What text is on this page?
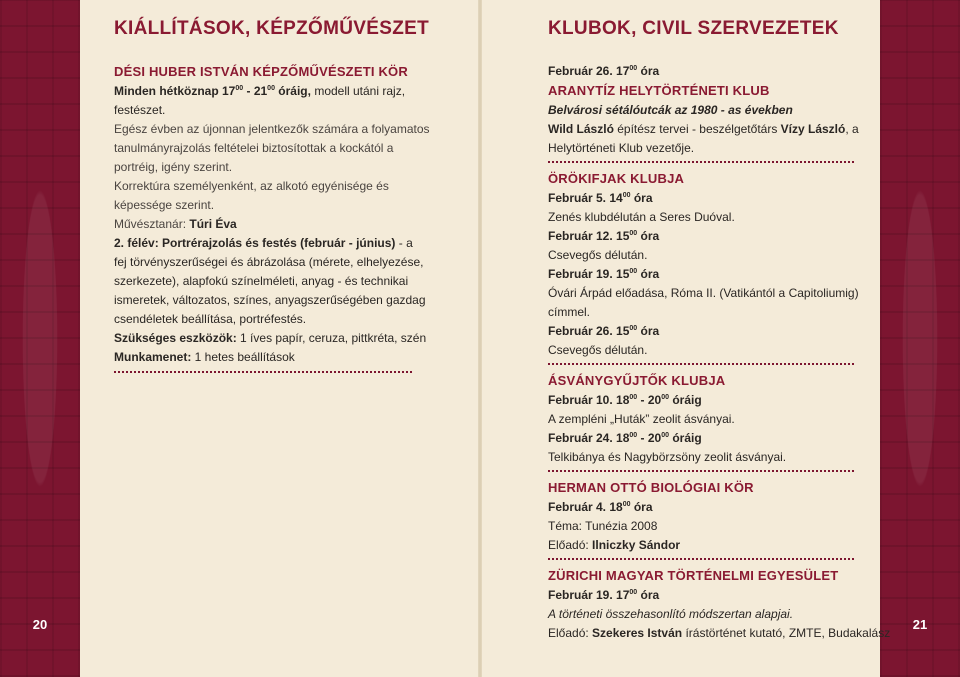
20	21
KIÁLLÍTÁSOK, KÉPZŐMŰVÉSZET
DÉSI HUBER ISTVÁN KÉPZŐMŰVÉSZETI KÖR
Minden hétköznap $17^{00} - 21^{00}$ óráig, modell utáni rajz,
festészet.
Egész évben az újonnan jelentkezők számára a folyamatos
tanulmányrajzolás feltételei biztosítottak a kockától a
portréig, igény szerint.
Korrektúra személyenként, az alkotó egyénisége és
képessége szerint.
Művésztanár: Túri Éva
2. félév: Portrérajzolás és festés (február - június) - a
fej törvényszerűségei és ábrázolása (mérete, elhelyezése,
szerkezete), alapfokú színelméleti, anyag - és technikai
ismeretek, változatos, színes, anyagszerűségében gazdag
csendéletek beállítása, portréfestés.
Szükséges eszközök: 1 íves papír, ceruza, pittkréta, szén
Munkamenet: 1 hetes beállítások
KLUBOK, CIVIL SZERVEZETEK
Február 26. $17^{00}$ óra
ARANYTÍZ HELYTÖRTÉNETI KLUB
Belvárosi sétálóutcák az 1980 - as években
Wild László építész tervei - beszélgetőtárs Vízy László, a
Helytörténeti Klub vezetője.
ÖRÖKIFJAK KLUBJA
Február 5. $14^{00}$ óra
Zenés klubdélután a Seres Duóval.
Február 12. $15^{00}$ óra
Csevegős délután.
Február 19. $15^{00}$ óra
Óvári Árpád előadása, Róma II. (Vatikántól a Capitoliumig)
címmel.
Február 26. $15^{00}$ óra
Csevegős délután.
ÁSVÁNYGYŰJTŐK KLUBJA
Február 10. $18^{00} - 20^{00}$ óráig
A zempléni „Huták” zeolit ásványai.
Február 24. $18^{00} - 20^{00}$ óráig
Telkibánya és Nagybörzsöny zeolit ásványai.
HERMAN OTTÓ BIOLÓGIAI KÖR
Február 4. $18^{00}$ óra
Téma: Tunézia 2008
Előadó: Ilniczky Sándor
ZÜRICHI MAGYAR TÖRTÉNELMI EGYESÜLET
Február 19. $17^{00}$ óra
A történeti összehasonlító módszertan alapjai.
Előadó: Szekeres István írástörténet kutató, ZMTE, Budakalász
